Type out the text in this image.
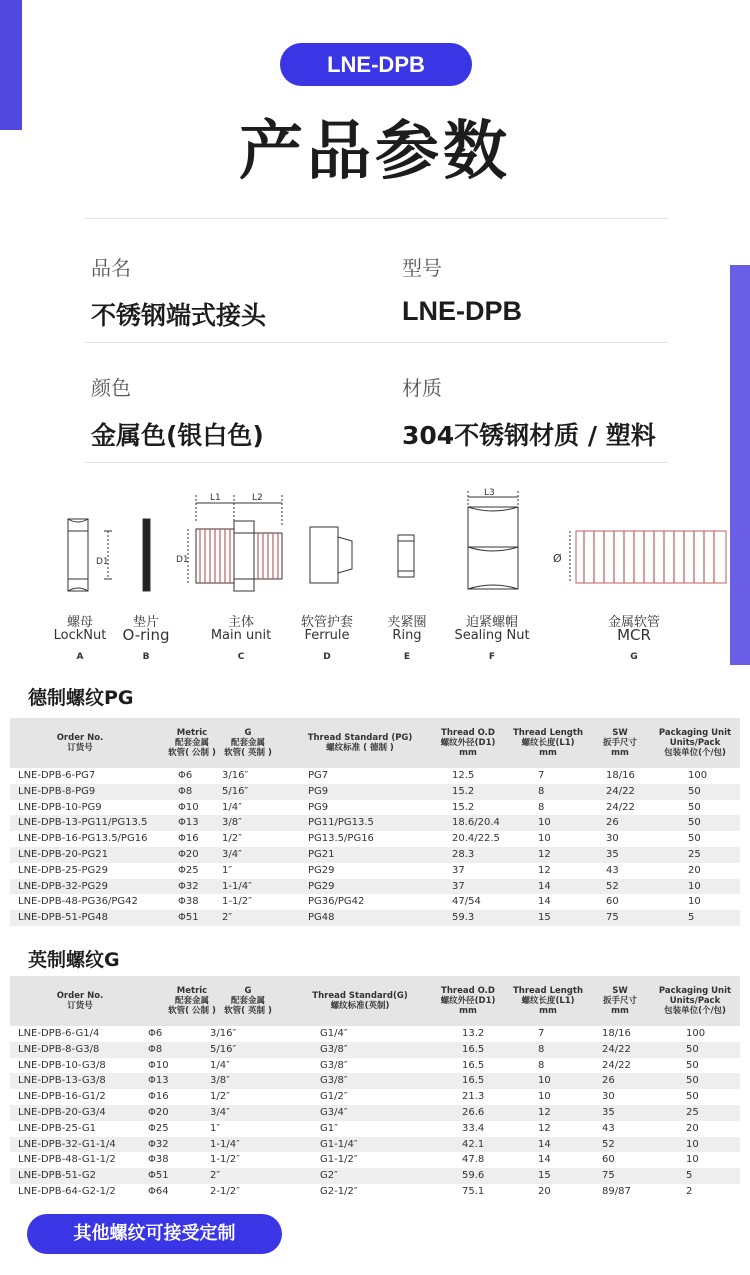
LNE-DPB
产品参数
品名
不锈钢端式接头
型号
LNE-DPB
颜色
金属色(银白色)
材质
304不锈钢材质 / 塑料
D1	D1
L1	L2	L3
Ø
螺母
LockNut
A
垫片
O-ring
B
主体
Main unit
C
软管护套
Ferrule
D
夹紧圈
Ring
E
迫紧螺帽
Sealing Nut
F
金属软管
MCR
G
德制螺纹PG
Order No.
订货号
Metric
配套金属
软管( 公制 )
G
配套金属
软管( 英制 )
Thread Standard (PG)
螺纹标准 ( 德制 )
Thread O.D
螺纹外径(D1)
mm
Thread Length
螺纹长度(L1)
mm
SW
扳手尺寸
mm
Packaging Unit
Units/Pack
包装单位(个/包)
LNE-DPB-6-PG7	Φ6	3/16″	PG7	12.5	7	18/16	100
LNE-DPB-8-PG9	Φ8	5/16″	PG9	15.2	8	24/22	50
LNE-DPB-10-PG9	Φ10 1/4″	PG9	15.2	8	24/22	50
LNE-DPB-13-PG11/PG13.5	Φ13 3/8″	PG11/PG13.5	18.6/20.4	10	26	50
LNE-DPB-16-PG13.5/PG16	Φ16 1/2″	PG13.5/PG16	20.4/22.5	10	30	50
LNE-DPB-20-PG21	Φ20 3/4″	PG21	28.3	12	35	25
LNE-DPB-25-PG29	Φ25 1″	PG29	37	12	43	20
LNE-DPB-32-PG29	Φ32 1-1/4″	PG29	37	14	52	10
LNE-DPB-48-PG36/PG42	Φ38 1-1/2″	PG36/PG42	47/54	14	60	10
LNE-DPB-51-PG48	Φ51 2″	PG48	59.3	15	75	5
英制螺纹G
Order No.
订货号
Metric
配套金属
软管( 公制 )
G
配套金属
软管( 英制 )
Thread Standard(G)
螺纹标准(英制)
Thread O.D
螺纹外径(D1)
mm
Thread Length
螺纹长度(L1)
mm
SW
扳手尺寸
mm
Packaging Unit
Units/Pack
包装单位(个/包)
LNE-DPB-6-G1/4	Φ6	3/16″	G1/4″	13.2	7	18/16	100
LNE-DPB-8-G3/8	Φ8	5/16″	G3/8″	16.5	8	24/22	50
LNE-DPB-10-G3/8	Φ10	1/4″	G3/8″	16.5	8	24/22	50
LNE-DPB-13-G3/8	Φ13	3/8″	G3/8″	16.5	10	26	50
LNE-DPB-16-G1/2	Φ16	1/2″	G1/2″	21.3	10	30	50
LNE-DPB-20-G3/4	Φ20	3/4″	G3/4″	26.6	12	35	25
LNE-DPB-25-G1	Φ25	1″	G1″	33.4	12	43	20
LNE-DPB-32-G1-1/4	Φ32	1-1/4″	G1-1/4″	42.1	14	52	10
LNE-DPB-48-G1-1/2	Φ38	1-1/2″	G1-1/2″	47.8	14	60	10
LNE-DPB-51-G2	Φ51	2″	G2″	59.6	15	75	5
LNE-DPB-64-G2-1/2	Φ64	2-1/2″	G2-1/2″	75.1	20	89/87	2
其他螺纹可接受定制
